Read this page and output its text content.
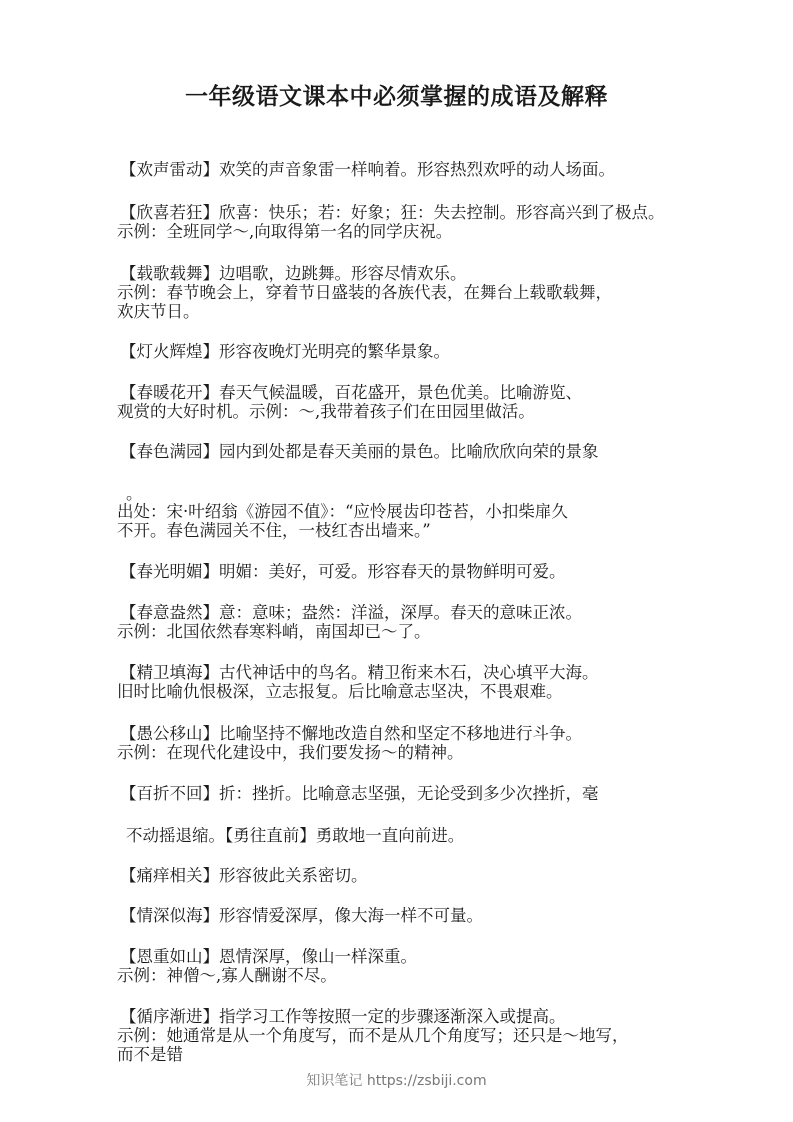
一年级语文课本中必须掌握的成语及解释

【欢声雷动】欢笑的声音象雷一样响着。形容热烈欢呼的动人场面。

【欣喜若狂】欣喜：快乐；若：好象；狂：失去控制。形容高兴到了极点。

示例：全班同学～,向取得第一名的同学庆祝。

【载歌载舞】边唱歌，边跳舞。形容尽情欢乐。

示例：春节晚会上，穿着节日盛装的各族代表，在舞台上载歌载舞，

欢庆节日。

【灯火辉煌】形容夜晚灯光明亮的繁华景象。

【春暖花开】春天气候温暖，百花盛开，景色优美。比喻游览、

观赏的大好时机。示例：～,我带着孩子们在田园里做活。

【春色满园】园内到处都是春天美丽的景色。比喻欣欣向荣的景象

。

出处：宋·叶绍翁《游园不值》：“应怜展齿印苍苔，小扣柴扉久

不开。春色满园关不住，一枝红杏出墙来。”

【春光明媚】明媚：美好，可爱。形容春天的景物鲜明可爱。

【春意盎然】意：意味；盎然：洋溢，深厚。春天的意味正浓。

示例：北国依然春寒料峭，南国却已～了。

【精卫填海】古代神话中的鸟名。精卫衔来木石，决心填平大海。

旧时比喻仇恨极深，立志报复。后比喻意志坚决，不畏艰难。

【愚公移山】比喻坚持不懈地改造自然和坚定不移地进行斗争。

示例：在现代化建设中，我们要发扬～的精神。

【百折不回】折：挫折。比喻意志坚强，无论受到多少次挫折，毫

不动摇退缩。【勇往直前】勇敢地一直向前进。

【痛痒相关】形容彼此关系密切。

【情深似海】形容情爱深厚，像大海一样不可量。

【恩重如山】恩情深厚，像山一样深重。

示例：神僧～,寡人酬谢不尽。

【循序渐进】指学习工作等按照一定的步骤逐渐深入或提高。

示例：她通常是从一个角度写，而不是从几个角度写；还只是～地写，

而不是错

知识笔记 https://zsbiji.com
